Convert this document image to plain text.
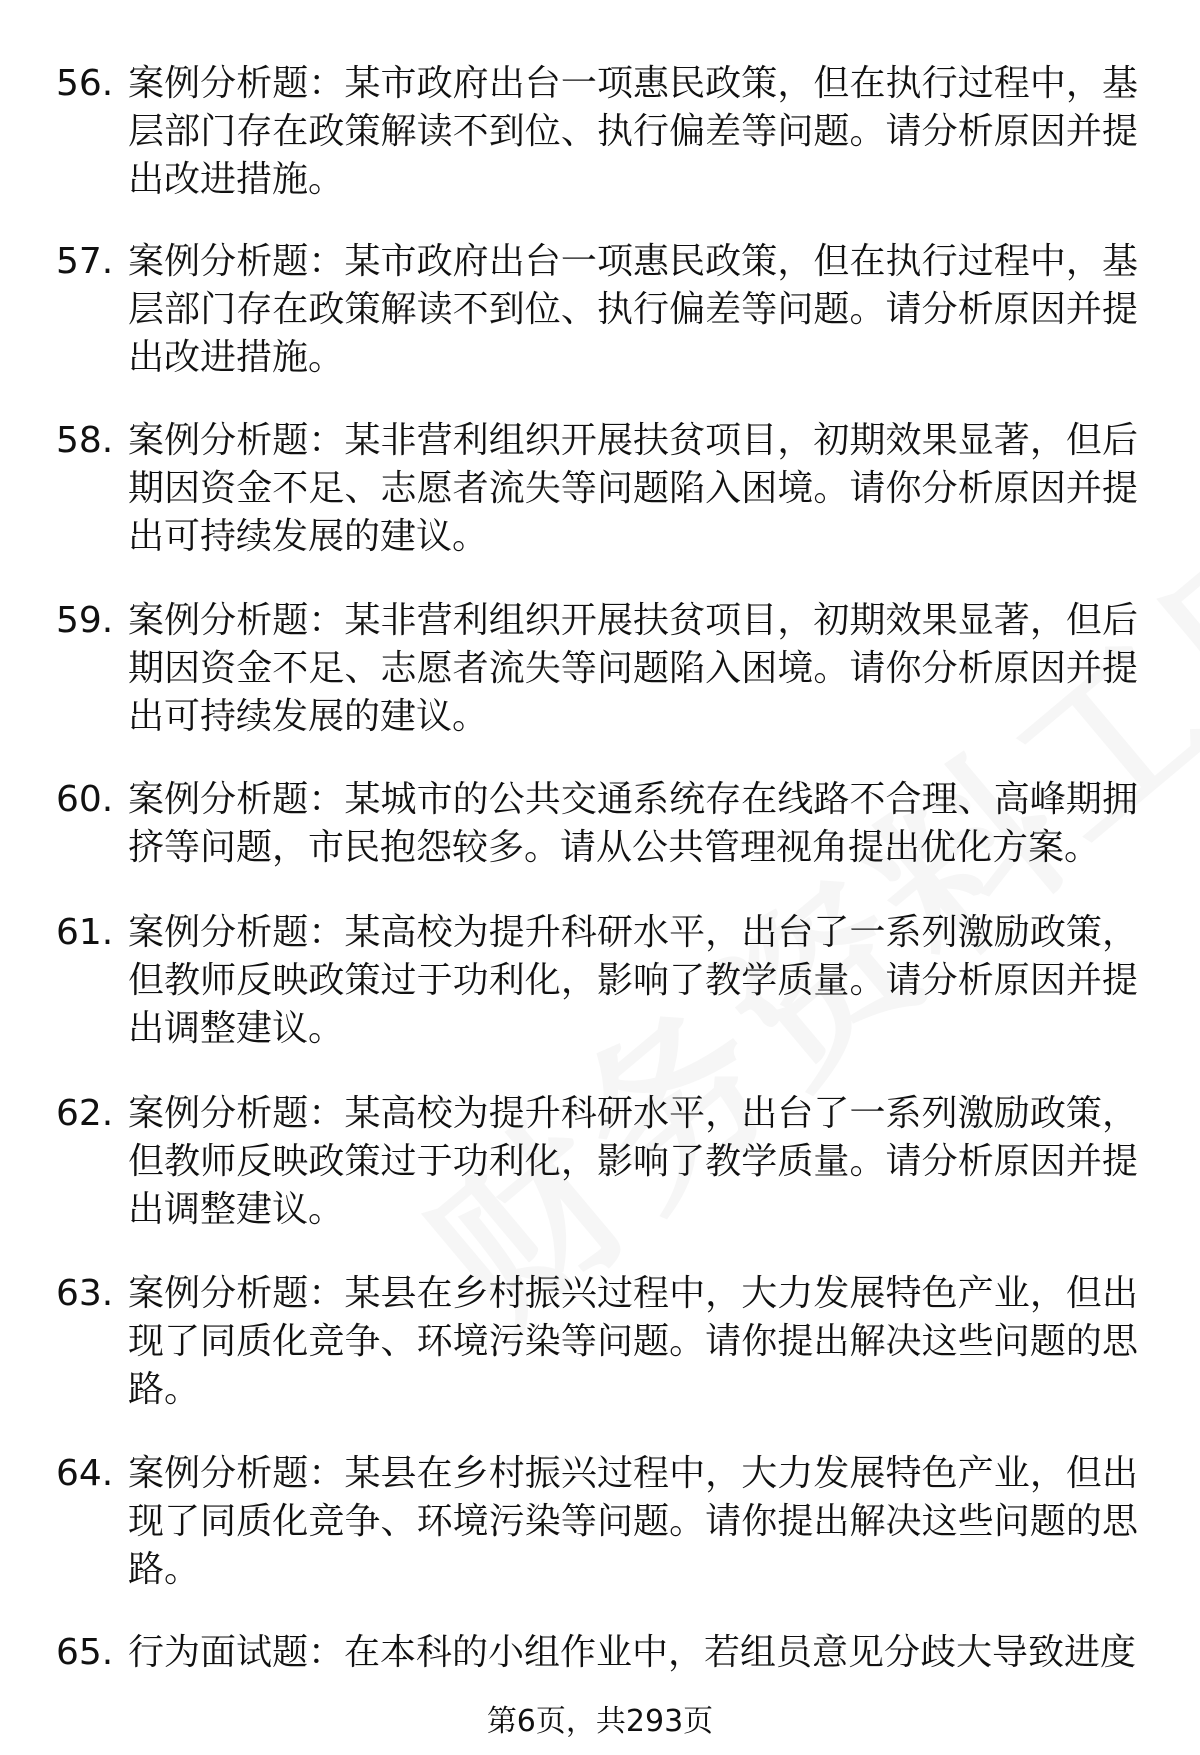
56. 案例分析题：某市政府出台一项惠民政策，但在执行过程中，基层部门存在政策解读不到位、执行偏差等问题。请分析原因并提出改进措施。
57. 案例分析题：某市政府出台一项惠民政策，但在执行过程中，基层部门存在政策解读不到位、执行偏差等问题。请分析原因并提出改进措施。
58. 案例分析题：某非营利组织开展扶贫项目，初期效果显著，但后期因资金不足、志愿者流失等问题陷入困境。请你分析原因并提出可持续发展的建议。
59. 案例分析题：某非营利组织开展扶贫项目，初期效果显著，但后期因资金不足、志愿者流失等问题陷入困境。请你分析原因并提出可持续发展的建议。
60. 案例分析题：某城市的公共交通系统存在线路不合理、高峰期拥挤等问题，市民抱怨较多。请从公共管理视角提出优化方案。
61. 案例分析题：某高校为提升科研水平，出台了一系列激励政策，但教师反映政策过于功利化，影响了教学质量。请分析原因并提出调整建议。
62. 案例分析题：某高校为提升科研水平，出台了一系列激励政策，但教师反映政策过于功利化，影响了教学质量。请分析原因并提出调整建议。
63. 案例分析题：某县在乡村振兴过程中，大力发展特色产业，但出现了同质化竞争、环境污染等问题。请你提出解决这些问题的思路。
64. 案例分析题：某县在乡村振兴过程中，大力发展特色产业，但出现了同质化竞争、环境污染等问题。请你提出解决这些问题的思路。
65. 行为面试题：在本科的小组作业中，若组员意见分歧大导致进度
第6页，共293页
